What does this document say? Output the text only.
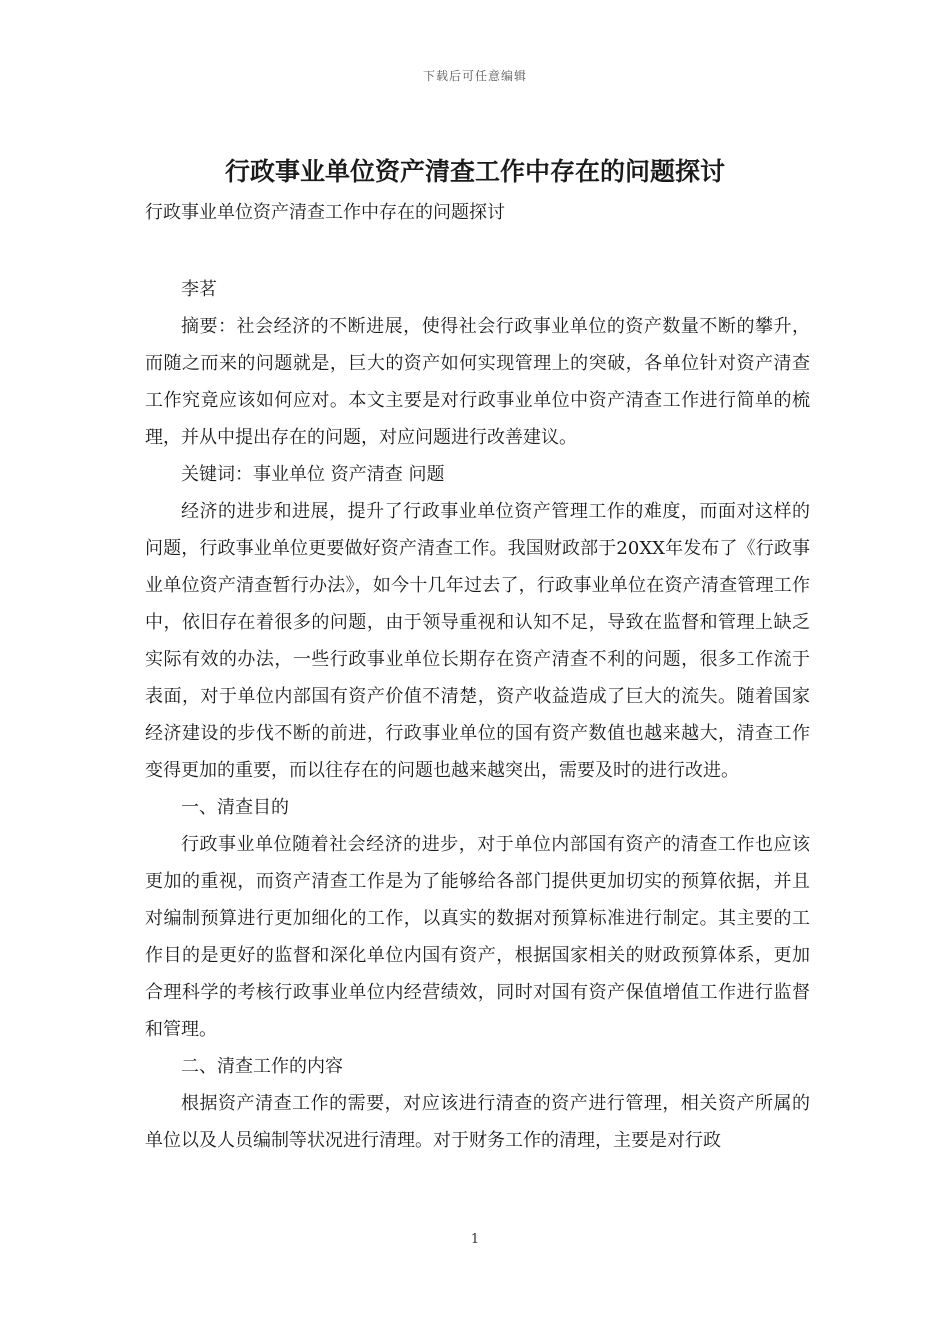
下载后可任意编辑
行政事业单位资产清查工作中存在的问题探讨

行政事业单位资产清查工作中存在的问题探讨

李茗

摘要：社会经济的不断进展，使得社会行政事业单位的资产数量不断的攀升，而随之而来的问题就是，巨大的资产如何实现管理上的突破，各单位针对资产清查工作究竟应该如何应对。本文主要是对行政事业单位中资产清查工作进行简单的梳理，并从中提出存在的问题，对应问题进行改善建议。

关键词：事业单位 资产清查 问题

经济的进步和进展，提升了行政事业单位资产管理工作的难度，而面对这样的问题，行政事业单位更要做好资产清查工作。我国财政部于20XX年发布了《行政事业单位资产清查暂行办法》，如今十几年过去了，行政事业单位在资产清查管理工作中，依旧存在着很多的问题，由于领导重视和认知不足，导致在监督和管理上缺乏实际有效的办法，一些行政事业单位长期存在资产清查不利的问题，很多工作流于表面，对于单位内部国有资产价值不清楚，资产收益造成了巨大的流失。随着国家经济建设的步伐不断的前进，行政事业单位的国有资产数值也越来越大，清查工作变得更加的重要，而以往存在的问题也越来越突出，需要及时的进行改进。

一、清查目的

行政事业单位随着社会经济的进步，对于单位内部国有资产的清查工作也应该更加的重视，而资产清查工作是为了能够给各部门提供更加切实的预算依据，并且对编制预算进行更加细化的工作，以真实的数据对预算标准进行制定。其主要的工作目的是更好的监督和深化单位内国有资产，根据国家相关的财政预算体系，更加合理科学的考核行政事业单位内经营绩效，同时对国有资产保值增值工作进行监督和管理。

二、清查工作的内容

根据资产清查工作的需要，对应该进行清查的资产进行管理，相关资产所属的单位以及人员编制等状况进行清理。对于财务工作的清理，主要是对行政

1
